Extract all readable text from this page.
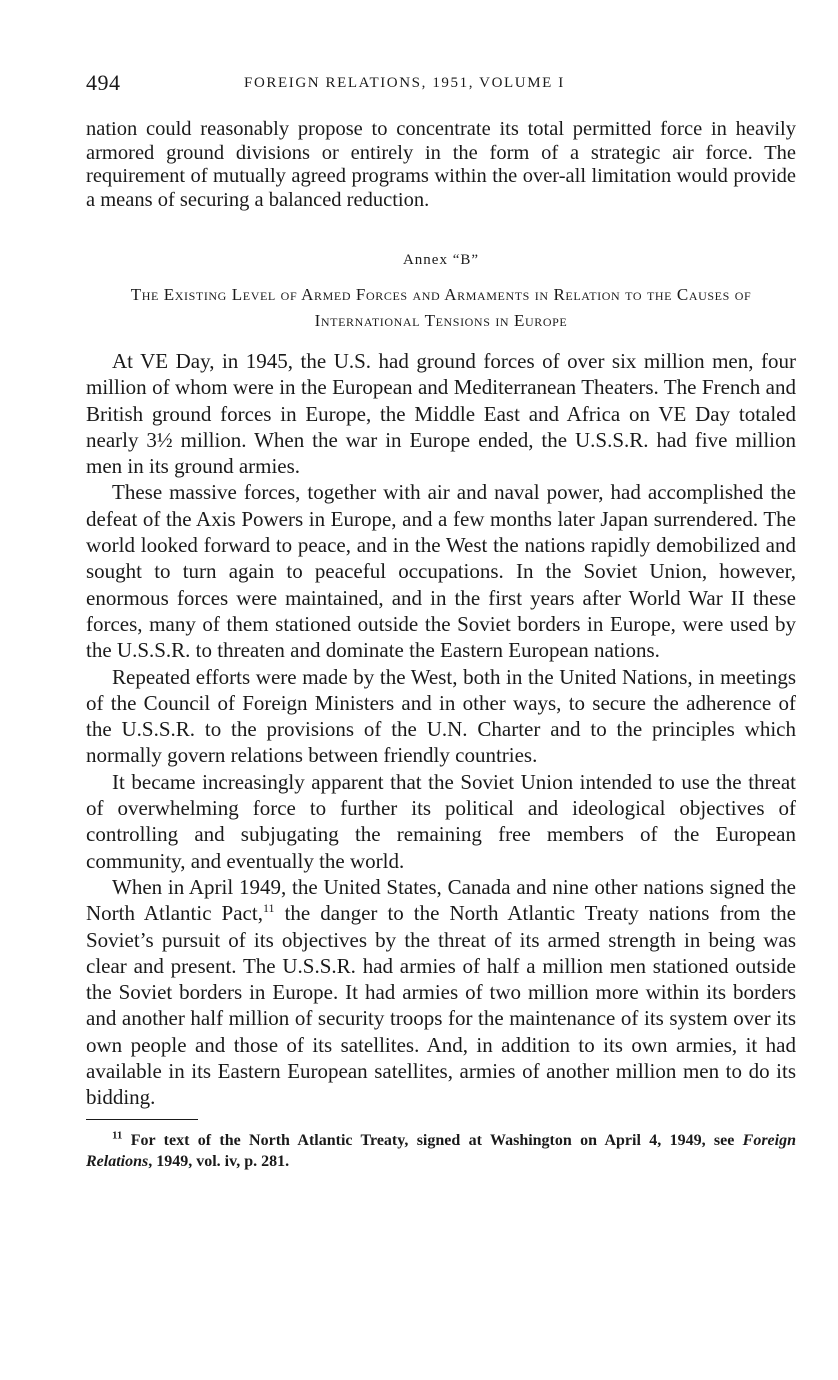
494	FOREIGN RELATIONS, 1951, VOLUME I

nation could reasonably propose to concentrate its total permitted force in heavily armored ground divisions or entirely in the form of a strategic air force. The requirement of mutually agreed programs within the over-all limitation would provide a means of securing a balanced reduction.

Annex “B”
The Existing Level of Armed Forces and Armaments in Relation to the Causes of International Tensions in Europe

At VE Day, in 1945, the U.S. had ground forces of over six million men, four million of whom were in the European and Mediterranean Theaters. The French and British ground forces in Europe, the Middle East and Africa on VE Day totaled nearly 3½ million. When the war in Europe ended, the U.S.S.R. had five million men in its ground armies.

These massive forces, together with air and naval power, had accomplished the defeat of the Axis Powers in Europe, and a few months later Japan surrendered. The world looked forward to peace, and in the West the nations rapidly demobilized and sought to turn again to peaceful occupations. In the Soviet Union, however, enormous forces were maintained, and in the first years after World War II these forces, many of them stationed outside the Soviet borders in Europe, were used by the U.S.S.R. to threaten and dominate the Eastern European nations.

Repeated efforts were made by the West, both in the United Nations, in meetings of the Council of Foreign Ministers and in other ways, to secure the adherence of the U.S.S.R. to the provisions of the U.N. Charter and to the principles which normally govern relations between friendly countries.

It became increasingly apparent that the Soviet Union intended to use the threat of overwhelming force to further its political and ideological objectives of controlling and subjugating the remaining free members of the European community, and eventually the world.

When in April 1949, the United States, Canada and nine other nations signed the North Atlantic Pact,$^{11}$ the danger to the North Atlantic Treaty nations from the Soviet’s pursuit of its objectives by the threat of its armed strength in being was clear and present. The U.S.S.R. had armies of half a million men stationed outside the Soviet borders in Europe. It had armies of two million more within its borders and another half million of security troops for the maintenance of its system over its own people and those of its satellites. And, in addition to its own armies, it had available in its Eastern European satellites, armies of another million men to do its bidding.

$^{11}$ For text of the North Atlantic Treaty, signed at Washington on April 4, 1949, see Foreign Relations, 1949, vol. iv, p. 281.
